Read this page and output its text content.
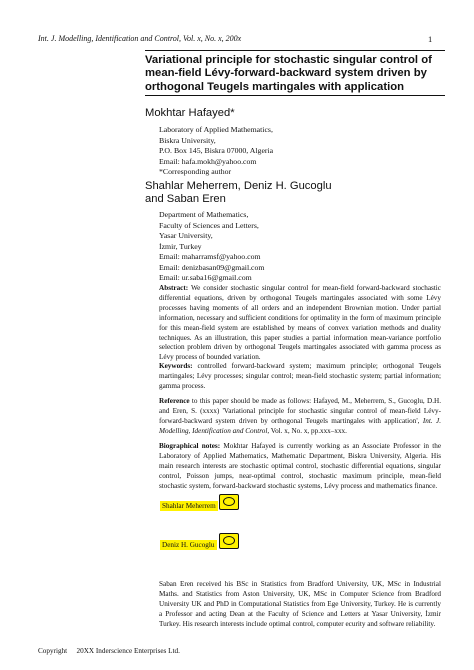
Int. J. Modelling, Identification and Control, Vol. x, No. x, 200x	1
Variational principle for stochastic singular control of mean-field Lévy-forward-backward system driven by orthogonal Teugels martingales with application
Mokhtar Hafayed*
Laboratory of Applied Mathematics,
Biskra University,
P.O. Box 145, Biskra 07000, Algeria
Email: hafa.mokh@yahoo.com
*Corresponding author
Shahlar Meherrem, Deniz H. Gucoglu
and Saban Eren
Department of Mathematics,
Faculty of Sciences and Letters,
Yasar University,
İzmir, Turkey
Email: maharramsf@yahoo.com
Email: denizbasan09@gmail.com
Email: ur.saba16@gmail.com
Abstract: We consider stochastic singular control for mean-field forward-backward stochastic differential equations, driven by orthogonal Teugels martingales associated with some Lévy processes having moments of all orders and an independent Brownian motion. Under partial information, necessary and sufficient conditions for optimality in the form of maximum principle for this mean-field system are established by means of convex variation methods and duality techniques. As an illustration, this paper studies a partial information mean-variance portfolio selection problem driven by orthogonal Teugels martingales associated with gamma process as Lévy process of bounded variation.
Keywords: controlled forward-backward system; maximum principle; orthogonal Teugels martingales; Lévy processes; singular control; mean-field stochastic system; partial information; gamma process.
Reference to this paper should be made as follows: Hafayed, M., Meherrem, S., Gucoglu, D.H. and Eren, S. (xxxx) 'Variational principle for stochastic singular control of mean-field Lévy-forward-backward system driven by orthogonal Teugels martingales with application', Int. J. Modelling, Identification and Control, Vol. x, No. x, pp.xxx–xxx.
Biographical notes: Mokhtar Hafayed is currently working as an Associate Professor in the Laboratory of Applied Mathematics, Mathematic Department, Biskra University, Algeria. His main research interests are stochastic optimal control, stochastic differential equations, singular control, Poisson jumps, near-optimal control, stochastic maximum principle, mean-field stochastic system, forward-backward stochastic systems, Lévy process and mathematics finance.
Shahlar Meherrem
Deniz H. Gucoglu
Saban Eren received his BSc in Statistics from Bradford University, UK, MSc in Industrial Maths. and Statistics from Aston University, UK, MSc in Computer Science from Bradford University UK and PhD in Computational Statistics from Ege University, Turkey. He is currently a Professor and acting Dean at the Faculty of Science and Letters at Yasar University, İzmir Turkey. His research interests include optimal control, computer ecurity and software reliability.
Copyright 20XX Inderscience Enterprises Ltd.
